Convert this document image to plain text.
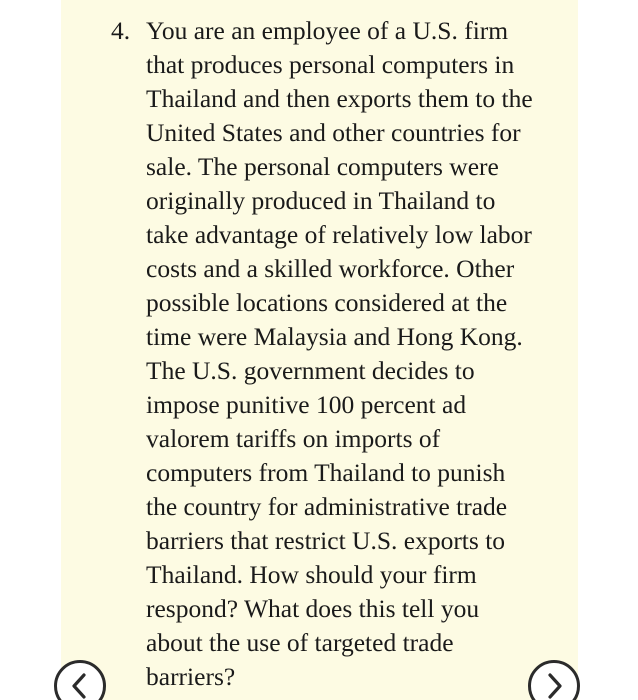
4. You are an employee of a U.S. firm
that produces personal computers in
Thailand and then exports them to the
United States and other countries for
sale. The personal computers were
originally produced in Thailand to
take advantage of relatively low labor
costs and a skilled workforce. Other
possible locations considered at the
time were Malaysia and Hong Kong.
The U.S. government decides to
impose punitive 100 percent ad
valorem tariffs on imports of
computers from Thailand to punish
the country for administrative trade
barriers that restrict U.S. exports to
Thailand. How should your firm
respond? What does this tell you
about the use of targeted trade
barriers?
